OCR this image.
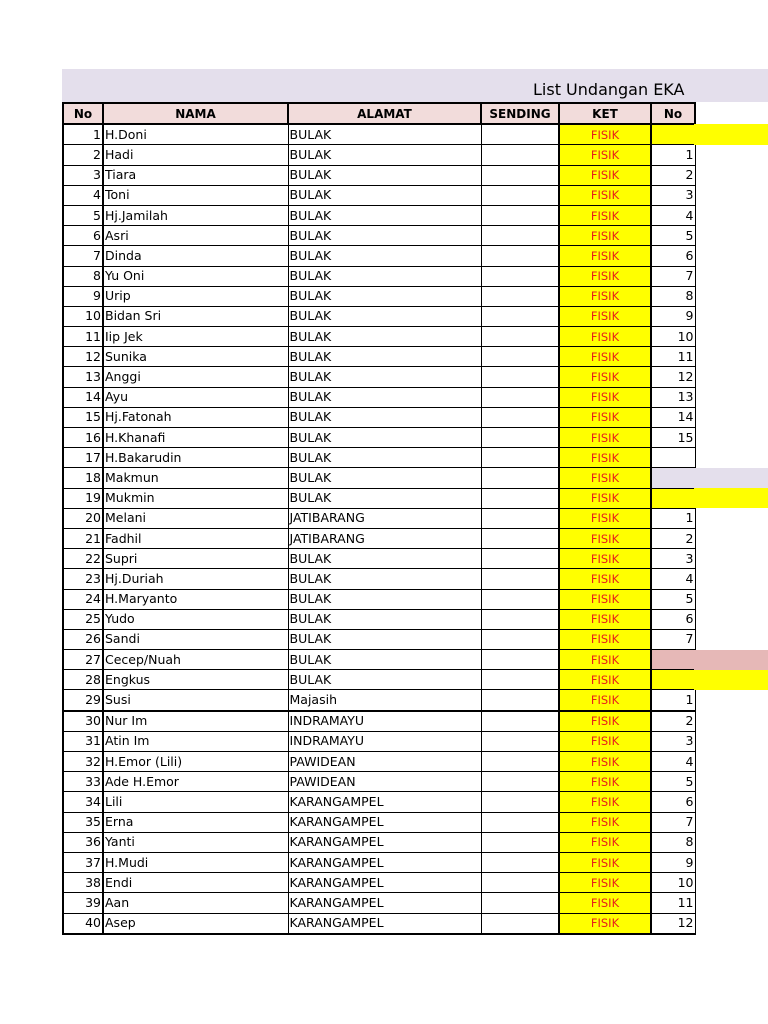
List Undangan EKA
No	NAMA	ALAMAT	SENDING	KET	No
1	H.Doni	BULAK		FISIK	
2	Hadi	BULAK		FISIK	1
3	Tiara	BULAK		FISIK	2
4	Toni	BULAK		FISIK	3
5	Hj.Jamilah	BULAK		FISIK	4
6	Asri	BULAK		FISIK	5
7	Dinda	BULAK		FISIK	6
8	Yu Oni	BULAK		FISIK	7
9	Urip	BULAK		FISIK	8
10	Bidan Sri	BULAK		FISIK	9
11	Iip Jek	BULAK		FISIK	10
12	Sunika	BULAK		FISIK	11
13	Anggi	BULAK		FISIK	12
14	Ayu	BULAK		FISIK	13
15	Hj.Fatonah	BULAK		FISIK	14
16	H.Khanafi	BULAK		FISIK	15
17	H.Bakarudin	BULAK		FISIK	
18	Makmun	BULAK		FISIK	
19	Mukmin	BULAK		FISIK	
20	Melani	JATIBARANG		FISIK	1
21	Fadhil	JATIBARANG		FISIK	2
22	Supri	BULAK		FISIK	3
23	Hj.Duriah	BULAK		FISIK	4
24	H.Maryanto	BULAK		FISIK	5
25	Yudo	BULAK		FISIK	6
26	Sandi	BULAK		FISIK	7
27	Cecep/Nuah	BULAK		FISIK	
28	Engkus	BULAK		FISIK	
29	Susi	Majasih		FISIK	1
30	Nur Im	INDRAMAYU		FISIK	2
31	Atin Im	INDRAMAYU		FISIK	3
32	H.Emor (Lili)	PAWIDEAN		FISIK	4
33	Ade H.Emor	PAWIDEAN		FISIK	5
34	Lili	KARANGAMPEL		FISIK	6
35	Erna	KARANGAMPEL		FISIK	7
36	Yanti	KARANGAMPEL		FISIK	8
37	H.Mudi	KARANGAMPEL		FISIK	9
38	Endi	KARANGAMPEL		FISIK	10
39	Aan	KARANGAMPEL		FISIK	11
40	Asep	KARANGAMPEL		FISIK	12
